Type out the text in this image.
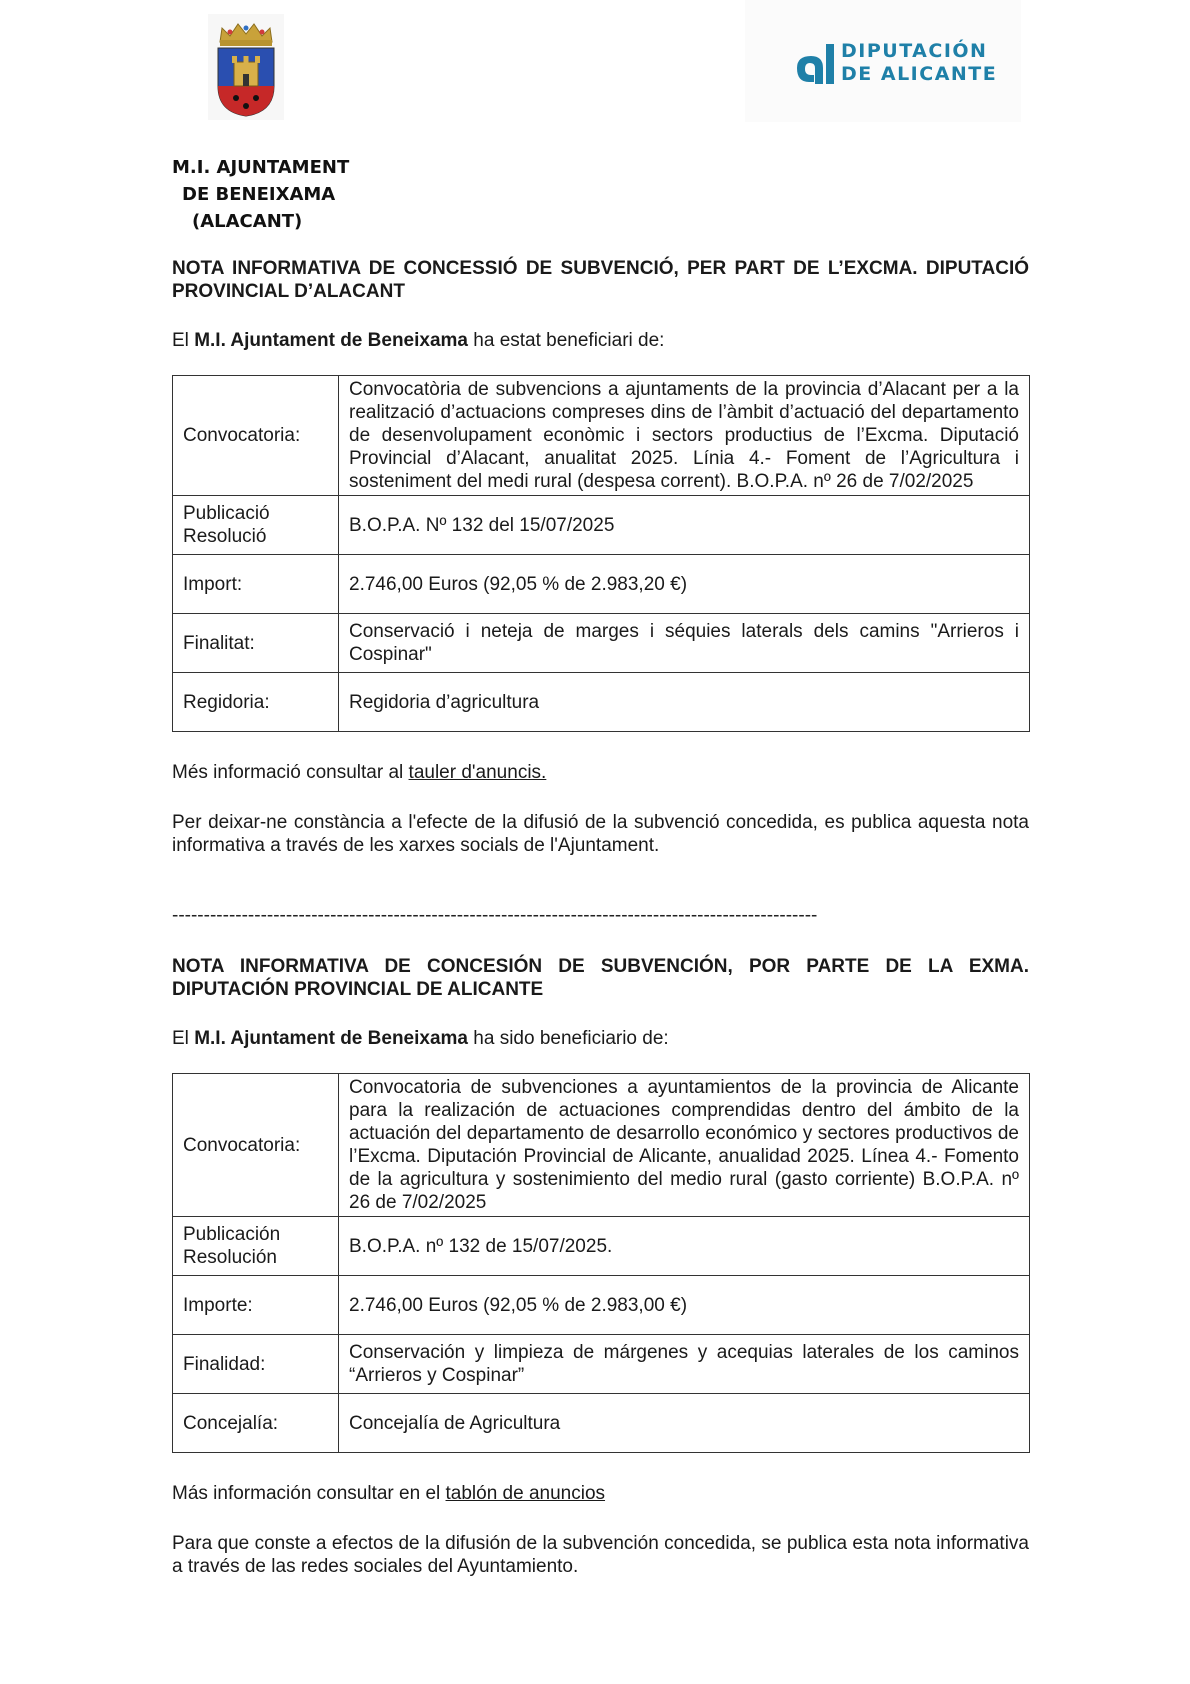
DIPUTACIÓN
DE ALICANTE
M.I. AJUNTAMENT
DE BENEIXAMA
(ALACANT)
NOTA INFORMATIVA DE CONCESSIÓ DE SUBVENCIÓ, PER PART DE L’EXCMA. DIPUTACIÓ PROVINCIAL D’ALACANT
El M.I. Ajuntament de Beneixama ha estat beneficiari de:
Convocatoria:	Convocatòria de subvencions a ajuntaments de la provincia d’Alacant per a la realització d’actuacions compreses dins de l’àmbit d’actuació del departamento de desenvolupament econòmic i sectors productius de l’Excma. Diputació Provincial d’Alacant, anualitat 2025. Línia 4.- Foment de l’Agricultura i sosteniment del medi rural (despesa corrent). B.O.P.A. nº 26 de 7/02/2025
Publicació Resolució	B.O.P.A. Nº 132 del 15/07/2025
Import:	2.746,00 Euros (92,05 % de 2.983,20 €)
Finalitat:	Conservació i neteja de marges i séquies laterals dels camins "Arrieros i Cospinar"
Regidoria:	Regidoria d’agricultura
Més informació consultar al tauler d'anuncis.
Per deixar-ne constància a l'efecte de la difusió de la subvenció concedida, es publica aquesta nota informativa a través de les xarxes socials de l'Ajuntament.
------------------------------------------------------------------------------------------------------
NOTA INFORMATIVA DE CONCESIÓN DE SUBVENCIÓN, POR PARTE DE LA EXMA. DIPUTACIÓN PROVINCIAL DE ALICANTE
El M.I. Ajuntament de Beneixama ha sido beneficiario de:
Convocatoria:	Convocatoria de subvenciones a ayuntamientos de la provincia de Alicante para la realización de actuaciones comprendidas dentro del ámbito de la actuación del departamento de desarrollo económico y sectores productivos de l’Excma. Diputación Provincial de Alicante, anualidad 2025. Línea 4.- Fomento de la agricultura y sostenimiento del medio rural (gasto corriente) B.O.P.A. nº 26 de 7/02/2025
Publicación Resolución	B.O.P.A. nº 132 de 15/07/2025.
Importe:	2.746,00 Euros (92,05 % de 2.983,00 €)
Finalidad:	Conservación y limpieza de márgenes y acequias laterales de los caminos “Arrieros y Cospinar”
Concejalía:	Concejalía de Agricultura
Más información consultar en el tablón de anuncios
Para que conste a efectos de la difusión de la subvención concedida, se publica esta nota informativa a través de las redes sociales del Ayuntamiento.
